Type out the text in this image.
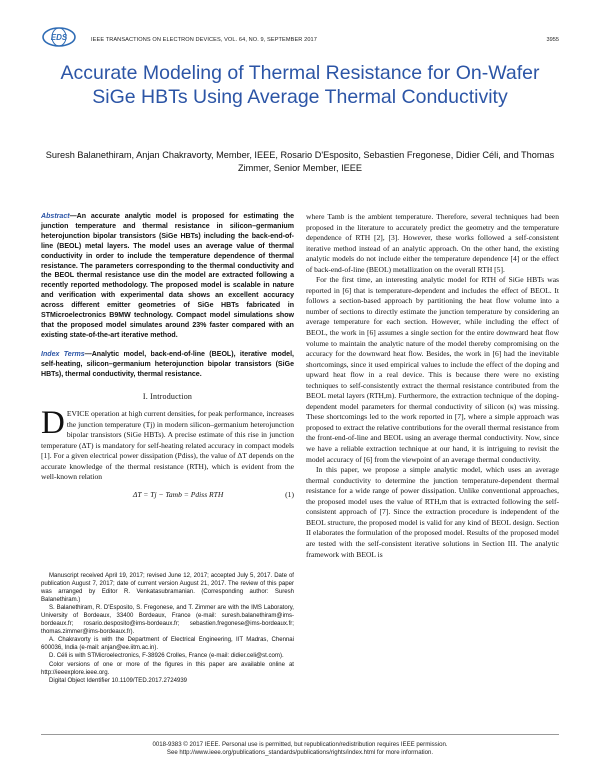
EDS	IEEE TRANSACTIONS ON ELECTRON DEVICES, VOL. 64, NO. 9, SEPTEMBER 2017	3955
Accurate Modeling of Thermal Resistance for On-Wafer SiGe HBTs Using Average Thermal Conductivity
Suresh Balanethiram, Anjan Chakravorty, Member, IEEE, Rosario D'Esposito, Sebastien Fregonese, Didier Céli, and Thomas Zimmer, Senior Member, IEEE

Abstract—An accurate analytic model is proposed for estimating the junction temperature and thermal resistance in silicon–germanium heterojunction bipolar transistors (SiGe HBTs) including the back-end-of-line (BEOL) metal layers. The model uses an average value of thermal conductivity in order to include the temperature dependence of thermal resistance. The parameters corresponding to the thermal conductivity and the BEOL thermal resistance use din the model are extracted following a recently reported methodology. The proposed model is scalable in nature and verification with experimental data shows an excellent accuracy across different emitter geometries of SiGe HBTs fabricated in STMicroelectronics B9MW technology. Compact model simulations show that the proposed model simulates around 23% faster compared with an existing state-of-the-art iterative method.

Index Terms—Analytic model, back-end-of-line (BEOL), iterative model, self-heating, silicon–germanium heterojunction bipolar transistors (SiGe HBTs), thermal conductivity, thermal resistance.

I. Introduction

DEVICE operation at high current densities, for peak performance, increases the junction temperature (Tj) in modern silicon–germanium heterojunction bipolar transistors (SiGe HBTs). A precise estimate of this rise in junction temperature (ΔT) is mandatory for self-heating related accuracy in compact models [1]. For a given electrical power dissipation (Pdiss), the value of ΔT depends on the accurate knowledge of the thermal resistance (RTH), which is evident from the well-known relation

ΔT = Tj − Tamb = Pdiss RTH	(1)

Manuscript received April 19, 2017; revised June 12, 2017; accepted July 5, 2017. Date of publication August 7, 2017; date of current version August 21, 2017. The review of this paper was arranged by Editor R. Venkatasubramanian. (Corresponding author: Suresh Balanethiram.)

S. Balanethiram, R. D'Esposito, S. Fregonese, and T. Zimmer are with the IMS Laboratory, University of Bordeaux, 33400 Bordeaux, France (e-mail: suresh.balanethiram@ims-bordeaux.fr; rosario.desposito@ims-bordeaux.fr; sebastien.fregonese@ims-bordeaux.fr; thomas.zimmer@ims-bordeaux.fr).

A. Chakravorty is with the Department of Electrical Engineering, IIT Madras, Chennai 600036, India (e-mail: anjan@ee.iitm.ac.in).

D. Céli is with STMicroelectronics, F-38926 Crolles, France (e-mail: didier.celi@st.com).

Color versions of one or more of the figures in this paper are available online at http://ieeexplore.ieee.org.

Digital Object Identifier 10.1109/TED.2017.2724939

where Tamb is the ambient temperature. Therefore, several techniques had been proposed in the literature to accurately predict the geometry and the temperature dependence of RTH [2], [3]. However, these works followed a self-consistent iterative method instead of an analytic approach. On the other hand, the existing analytic models do not include either the temperature dependence [4] or the effect of back-end-of-line (BEOL) metallization on the overall RTH [5].

For the first time, an interesting analytic model for RTH of SiGe HBTs was reported in [6] that is temperature-dependent and includes the effect of BEOL. It follows a section-based approach by partitioning the heat flow volume into a number of sections to directly estimate the junction temperature by considering an average temperature for each section. However, while including the effect of BEOL, the work in [6] assumes a single section for the entire downward heat flow volume to maintain the analytic nature of the model thereby compromising on the accuracy for the downward heat flow. Besides, the work in [6] had the inevitable shortcomings, since it used empirical values to include the effect of the doping and upward heat flow in a real device. This is because there were no existing techniques to self-consistently extract the thermal resistance contributed from the BEOL metal layers (RTH,m). Furthermore, the extraction technique of the doping-dependent model parameters for thermal conductivity of silicon (κ) was missing. These shortcomings led to the work reported in [7], where a simple approach was proposed to extract the relative contributions for the overall thermal resistance from the front-end-of-line and BEOL using an average thermal conductivity. Now, since we have a reliable extraction technique at our hand, it is intriguing to revisit the model accuracy of [6] from the viewpoint of an average thermal conductivity.

In this paper, we propose a simple analytic model, which uses an average thermal conductivity to determine the junction temperature-dependent thermal resistance for a wide range of power dissipation. Unlike conventional approaches, the proposed model uses the value of RTH,m that is extracted following the self-consistent approach of [7]. Since the extraction procedure is independent of the BEOL structure, the proposed model is valid for any kind of BEOL design. Section II elaborates the formulation of the proposed model. Results of the proposed model are tested with the self-consistent iterative solutions in Section III. The analytic framework with BEOL is

0018-9383 © 2017 IEEE. Personal use is permitted, but republication/redistribution requires IEEE permission.
See http://www.ieee.org/publications_standards/publications/rights/index.html for more information.
